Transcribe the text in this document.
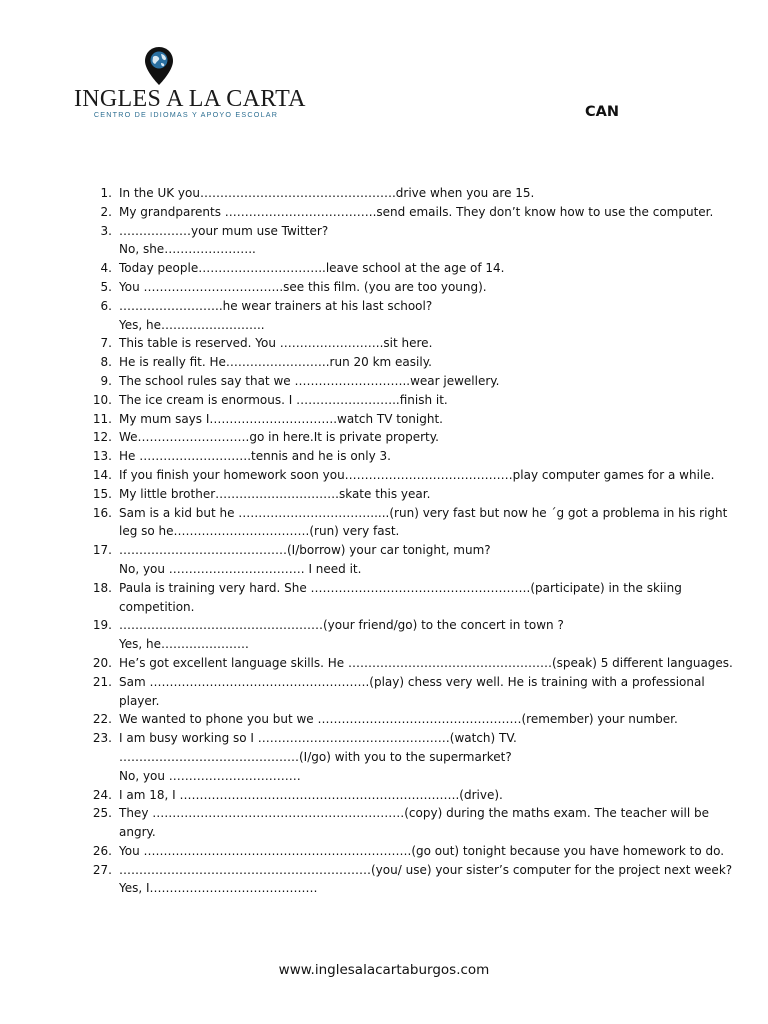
INGLES A LA CARTA
CENTRO DE IDIOMAS Y APOYO ESCOLAR	CAN
1. In the UK you………………………………………….drive when you are 15.
2. My grandparents ………………………………..send emails. They don’t know how to use the computer.
3. ………………your mum use Twitter?
No, she…………………..
4. Today people…………………………..leave school at the age of 14.
5. You ……………………………..see this film. (you are too young).
6. ……………………..he wear trainers at his last school?
Yes, he……………………..
7. This table is reserved. You ……………………..sit here.
8. He is really fit. He……………………..run 20 km easily.
9. The school rules say that we ………………………..wear jewellery.
10. The ice cream is enormous. I ……………………..finish it.
11. My mum says I…………………………..watch TV tonight.
12. We……………………….go in here.It is private property.
13. He ……………………….tennis and he is only 3.
14. If you finish your homework soon you……………………………………play computer games for a while.
15. My little brother………………………….skate this year.
16. Sam is a kid but he …………………………….....(run) very fast but now he ´g got a problema in his right
leg so he…………………………….(run) very fast.
17. ……………………………………(I/borrow) your car tonight, mum?
No, you ……………………………. I need it.
18. Paula is training very hard. She ……………………………………………….(participate) in the skiing
competition.
19. ……………………………………………(your friend/go) to the concert in town ?
Yes, he………………….
20. He’s got excellent language skills. He ……………………………………………(speak) 5 different languages.
21. Sam ……………………………………………….(play) chess very well. He is training with a professional
player.
22. We wanted to phone you but we ……………………………………………(remember) your number.
23. I am busy working so I …………………………………………(watch) TV.
………………………………………(I/go) with you to the supermarket?
No, you ……………………………
24. I am 18, I …………………………………………………………….(drive).
25. They ………………………………………………………(copy) during the maths exam. The teacher will be
angry.
26. You ………………………………………………………….(go out) tonight because you have homework to do.
27. ………………………………………………………(you/ use) your sister’s computer for the project next week?
Yes, I……………………………………
www.inglesalacartaburgos.com
